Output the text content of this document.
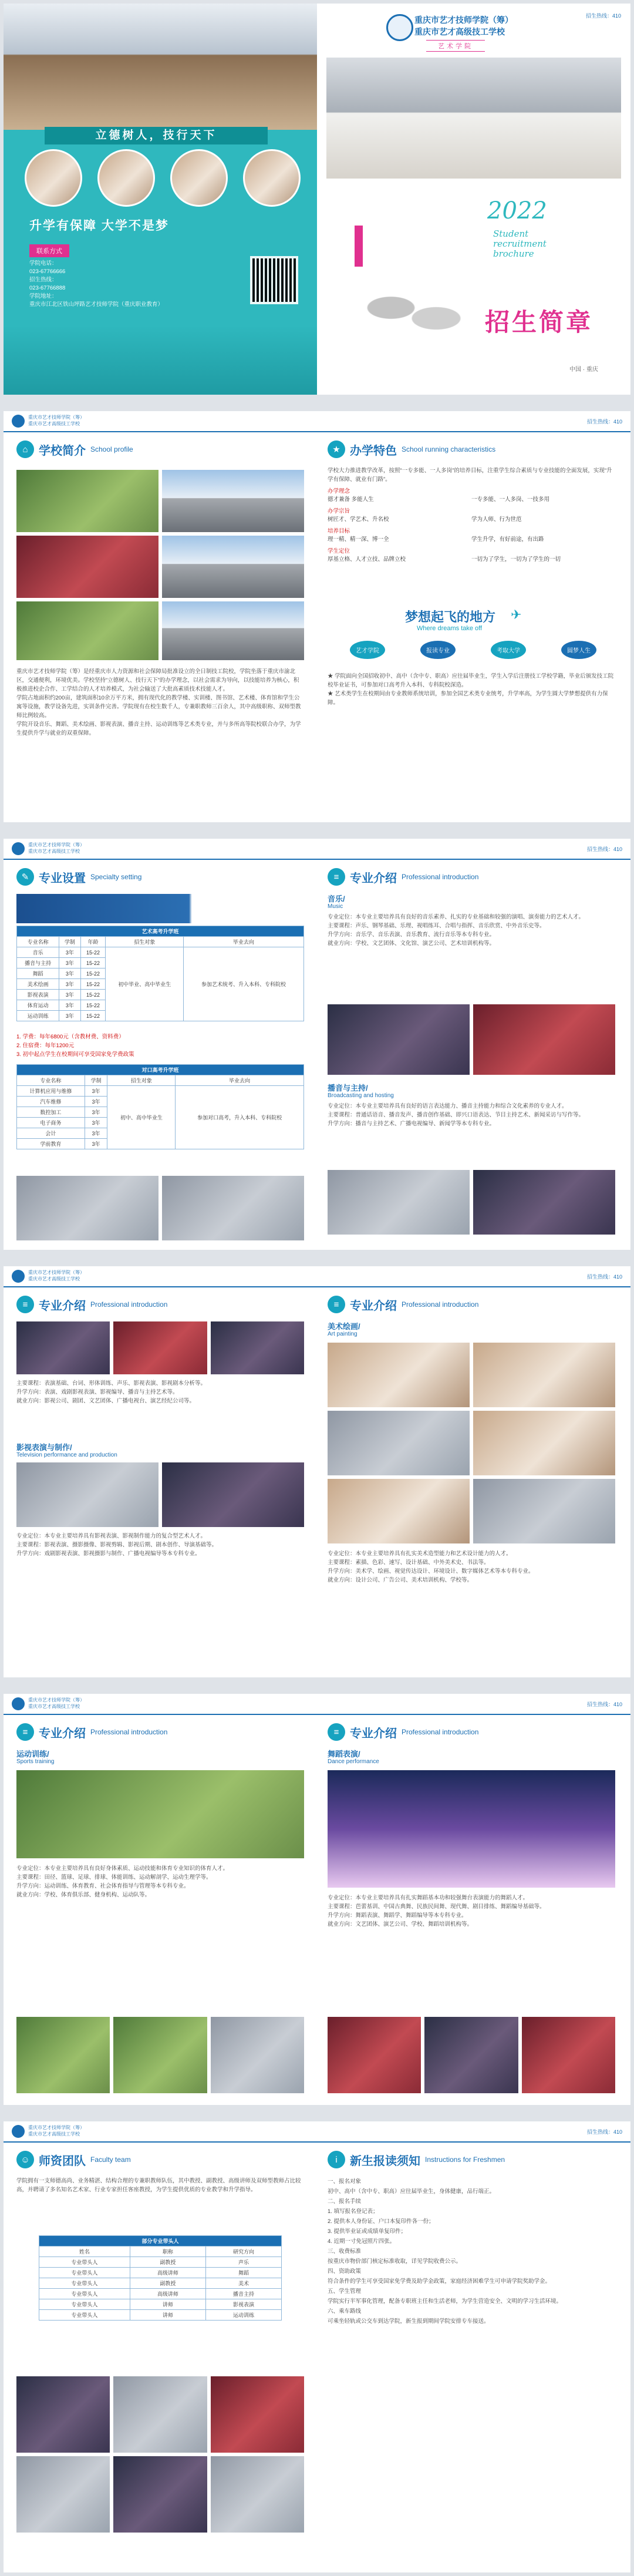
立德树人，技行天下
升学有保障 大学不是梦
联系方式
学院电话：
023-67766666
招生热线：
023-67766888
学院地址：
重庆市江北区铁山坪路艺才技师学院（重庆职业教育）
招生热线：410
重庆市艺才技师学院（筹）
重庆市艺才高级技工学校
艺术学院
2022
Student
recruitment
brochure
招生简章
中国 · 重庆
重庆市艺才技师学院（筹）
重庆市艺才高级技工学校	招生热线：410
⌂ 学校简介 School profile
重庆市艺才技师学院（筹）是经重庆市人力资源和社会保障局批准设立的全日制技工院校，学院坐落于重庆市渝北区，交通便利，环境优美。学校坚持“立德树人、技行天下”的办学理念，以社会需求为导向，以技能培养为核心，积极推进校企合作、工学结合的人才培养模式，为社会输送了大批高素质技术技能人才。
学院占地面积约200亩，建筑面积10余万平方米，拥有现代化的教学楼、实训楼、图书馆、艺术楼、体育馆和学生公寓等设施，教学设备先进，实训条件完善。学院现有在校生数千人，专兼职教师三百余人，其中高级职称、双师型教师比例较高。
学院开设音乐、舞蹈、美术绘画、影视表演、播音主持、运动训练等艺术类专业，并与多所高等院校联合办学，为学生提供升学与就业的双重保障。
★ 办学特色 School running characteristics
学校大力推进教学改革，按照“一专多能、一人多岗”的培养目标，注重学生综合素质与专业技能的全面发展，实现“升学有保障、就业有门路”。
办学理念
德才兼备 多能人生	一专多能、一人多岗、一技多用
办学宗旨
树匠才、学艺术、升名校	学为人师、行为世范
培养目标
理一精、精一深、博一全	学生升学，有好前途，有出路
学生定位
厚基立格、人才立技、品牌立校	一切为了学生，一切为了学生的一切
梦想起飞的地方 ✈
Where dreams take off
艺才学院	报读专业	考取大学	圆梦人生
★ 学院面向全国招收初中、高中（含中专、职高）应往届毕业生，学生入学后注册技工学校学籍，毕业后颁发技工院校毕业证书，可参加对口高考升入本科、专科院校深造。
★ 艺术类学生在校期间由专业教师系统培训，参加全国艺术类专业统考，升学率高，为学生圆大学梦想提供有力保障。
重庆市艺才技师学院（筹）
重庆市艺才高级技工学校	招生热线：410
✎ 专业设置 Specialty setting
艺术高考升学班				
专业名称	学制	年龄	招生对象	毕业去向
音乐	3年	15-22	初中毕业、高中毕业生	参加艺术统考、升入本科、专科院校
播音与主持	3年	15-22		
舞蹈	3年	15-22		
美术绘画	3年	15-22		
影视表演	3年	15-22		
体育运动	3年	15-22		
运动训练	3年	15-22		
1. 学费：每年6800元（含教材费、资料费）
2. 住宿费：每年1200元
3. 初中起点学生在校期间可享受国家免学费政策
对口高考升学班			
专业名称	学制	招生对象	毕业去向
计算机应用与维修	3年	初中、高中毕业生	参加对口高考，升入本科、专科院校
汽车维修	3年		
数控加工	3年		
电子商务	3年		
会计	3年		
学前教育	3年		
≡ 专业介绍 Professional introduction
音乐/
Music
专业定位：本专业主要培养具有良好的音乐素养、扎实的专业基础和较强的演唱、演奏能力的艺术人才。
主要课程：声乐、钢琴基础、乐理、视唱练耳、合唱与指挥、音乐欣赏、中外音乐史等。
升学方向：音乐学、音乐表演、音乐教育、流行音乐等本专科专业。
就业方向：学校、文艺团体、文化馆、演艺公司、艺术培训机构等。
播音与主持/
Broadcasting and hosting
专业定位：本专业主要培养具有良好的语言表达能力、播音主持能力和综合文化素养的专业人才。
主要课程：普通话语音、播音发声、播音创作基础、即兴口语表达、节目主持艺术、新闻采访与写作等。
升学方向：播音与主持艺术、广播电视编导、新闻学等本专科专业。
重庆市艺才技师学院（筹）
重庆市艺才高级技工学校	招生热线：410
≡ 专业介绍 Professional introduction
主要课程：表演基础、台词、形体训练、声乐、影视表演、影视剧本分析等。
升学方向：表演、戏剧影视表演、影视编导、播音与主持艺术等。
就业方向：影视公司、剧团、文艺团体、广播电视台、演艺经纪公司等。
影视表演与制作/
Television performance and production
专业定位：本专业主要培养具有影视表演、影视制作能力的复合型艺术人才。
主要课程：影视表演、摄影摄像、影视剪辑、影视后期、剧本创作、导演基础等。
升学方向：戏剧影视表演、影视摄影与制作、广播电视编导等本专科专业。
≡ 专业介绍 Professional introduction
美术绘画/
Art painting
专业定位：本专业主要培养具有扎实美术造型能力和艺术设计能力的人才。
主要课程：素描、色彩、速写、设计基础、中外美术史、书法等。
升学方向：美术学、绘画、视觉传达设计、环境设计、数字媒体艺术等本专科专业。
就业方向：设计公司、广告公司、美术培训机构、学校等。
重庆市艺才技师学院（筹）
重庆市艺才高级技工学校	招生热线：410
≡ 专业介绍 Professional introduction
运动训练/
Sports training
专业定位：本专业主要培养具有良好身体素质、运动技能和体育专业知识的体育人才。
主要课程：田径、篮球、足球、排球、体能训练、运动解剖学、运动生理学等。
升学方向：运动训练、体育教育、社会体育指导与管理等本专科专业。
就业方向：学校、体育俱乐部、健身机构、运动队等。
≡ 专业介绍 Professional introduction
舞蹈表演/
Dance performance
专业定位：本专业主要培养具有扎实舞蹈基本功和较强舞台表演能力的舞蹈人才。
主要课程：芭蕾基训、中国古典舞、民族民间舞、现代舞、剧目排练、舞蹈编导基础等。
升学方向：舞蹈表演、舞蹈学、舞蹈编导等本专科专业。
就业方向：文艺团体、演艺公司、学校、舞蹈培训机构等。
重庆市艺才技师学院（筹）
重庆市艺才高级技工学校	招生热线：410
☺ 师资团队 Faculty team
学院拥有一支师德高尚、业务精湛、结构合理的专兼职教师队伍，其中教授、副教授、高级讲师及双师型教师占比较高，并聘请了多名知名艺术家、行业专家担任客座教授，为学生提供优质的专业教学和升学指导。
部分专业带头人		
姓名	职称	研究方向
专业带头人	副教授	声乐
专业带头人	高级讲师	舞蹈
专业带头人	副教授	美术
专业带头人	高级讲师	播音主持
专业带头人	讲师	影视表演
专业带头人	讲师	运动训练
i	新生报读须知 Instructions for Freshmen
一、报名对象
初中、高中（含中专、职高）应往届毕业生，身体健康，品行端正。
二、报名手续
1. 填写报名登记表；
2. 提供本人身份证、户口本复印件各一份；
3. 提供毕业证或成绩单复印件；
4. 近期一寸免冠照片四张。
三、收费标准
按重庆市物价部门核定标准收取，详见学院收费公示。
四、资助政策
符合条件的学生可享受国家免学费及助学金政策，家庭经济困难学生可申请学院奖助学金。
五、学生管理
学院实行半军事化管理，配备专职班主任和生活老师，为学生营造安全、文明的学习生活环境。
六、乘车路线
可乘坐轻轨或公交车到达学院，新生报到期间学院安排专车接送。
